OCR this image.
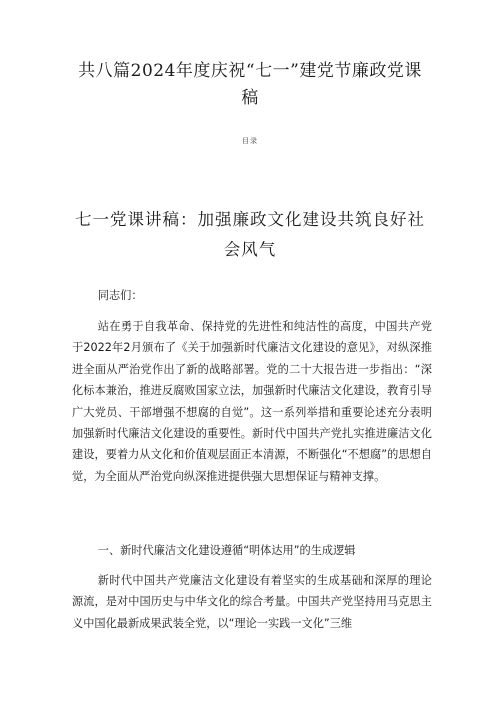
共八篇2024年度庆祝“七一”建党节廉政党课稿
目录
七一党课讲稿：加强廉政文化建设共筑良好社会风气

同志们：

站在勇于自我革命、保持党的先进性和纯洁性的高度，中国共产党于2022年2月颁布了《关于加强新时代廉洁文化建设的意见》，对纵深推进全面从严治党作出了新的战略部署。党的二十大报告进一步指出：“深化标本兼治，推进反腐败国家立法，加强新时代廉洁文化建设，教育引导广大党员、干部增强不想腐的自觉”。这一系列举措和重要论述充分表明加强新时代廉洁文化建设的重要性。新时代中国共产党扎实推进廉洁文化建设，要着力从文化和价值观层面正本清源，不断强化“不想腐”的思想自觉，为全面从严治党向纵深推进提供强大思想保证与精神支撑。

一、新时代廉洁文化建设遵循“明体达用”的生成逻辑

新时代中国共产党廉洁文化建设有着坚实的生成基础和深厚的理论源流，是对中国历史与中华文化的综合考量。中国共产党坚持用马克思主义中国化最新成果武装全党，以“理论一实践一文化”三维
